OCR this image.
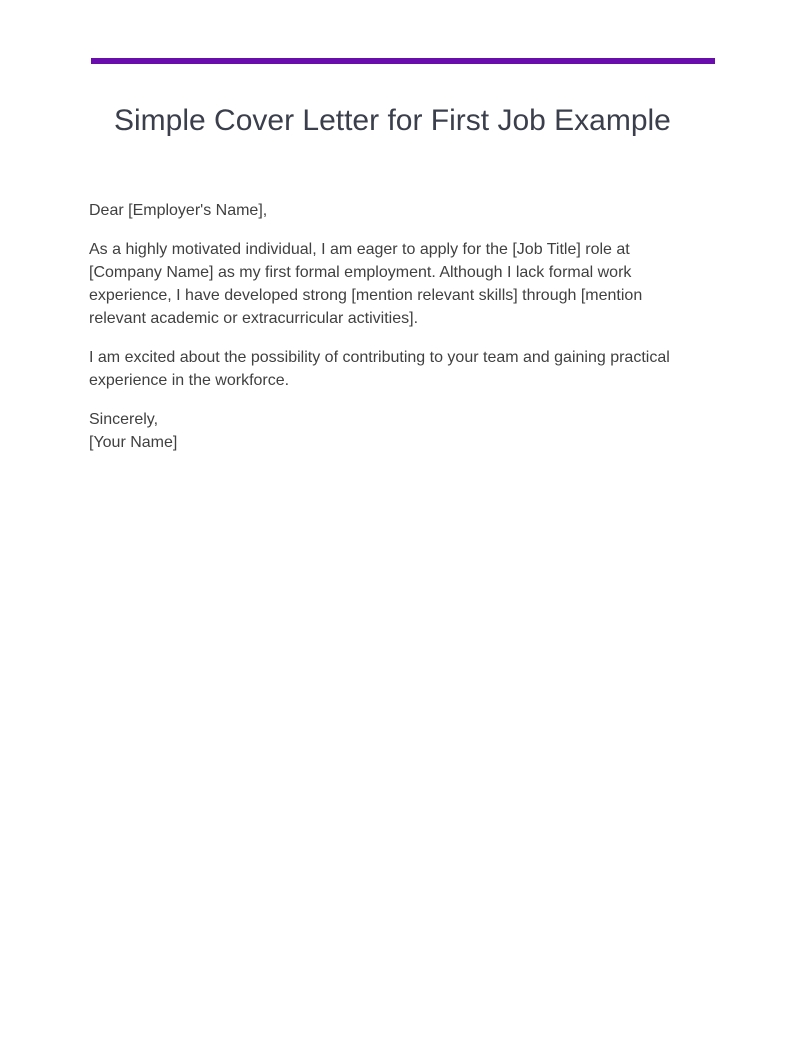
Simple Cover Letter for First Job Example

Dear [Employer's Name],

As a highly motivated individual, I am eager to apply for the [Job Title] role at [Company Name] as my first formal employment. Although I lack formal work experience, I have developed strong [mention relevant skills] through [mention relevant academic or extracurricular activities].

I am excited about the possibility of contributing to your team and gaining practical experience in the workforce.

Sincerely,
[Your Name]
